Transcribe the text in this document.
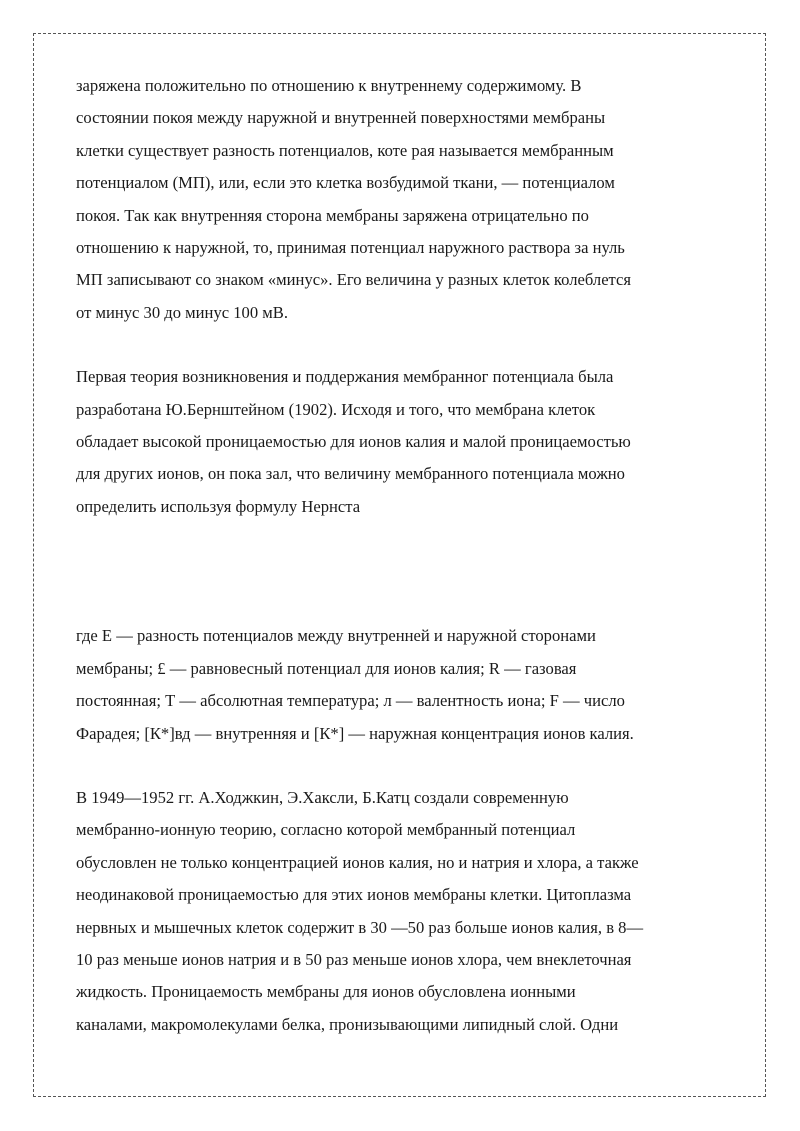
заряжена положительно по отношению к внутреннему содержимому. В
состоянии покоя между наружной и внутренней поверхностями мембраны
клетки существует разность потенциалов, коте рая называется мембранным
потенциалом (МП), или, если это клетка возбудимой ткани, — потенциалом
покоя. Так как внутренняя сторона мембраны заряжена отрицательно по
отношению к наружной, то, принимая потенциал наружного раствора за нуль
МП записывают со знаком «минус». Его величина у разных клеток колеблется
от минус 30 до минус 100 мВ.

Первая теория возникновения и поддержания мембранног потенциала была
разработана Ю.Бернштейном (1902). Исходя и того, что мембрана клеток
обладает высокой проницаемостью для ионов калия и малой проницаемостью
для других ионов, он пока зал, что величину мембранного потенциала можно
определить используя формулу Нернста

где Е — разность потенциалов между внутренней и наружной сторонами
мембраны; £ — равновесный потенциал для ионов калия; R — газовая
постоянная; Т — абсолютная температура; л — валентность иона; F — число
Фарадея; [К*]вд — внутренняя и [К*] — наружная концентрация ионов калия.

В 1949—1952 гг. А.Ходжкин, Э.Хаксли, Б.Катц создали современную
мембранно-ионную теорию, согласно которой мембранный потенциал
обусловлен не только концентрацией ионов калия, но и натрия и хлора, а также
неодинаковой проницаемостью для этих ионов мембраны клетки. Цитоплазма
нервных и мышечных клеток содержит в 30 —50 раз больше ионов калия, в 8—
10 раз меньше ионов натрия и в 50 раз меньше ионов хлора, чем внеклеточная
жидкость. Проницаемость мембраны для ионов обусловлена ионными
каналами, макромолекулами белка, пронизывающими липидный слой. Одни
